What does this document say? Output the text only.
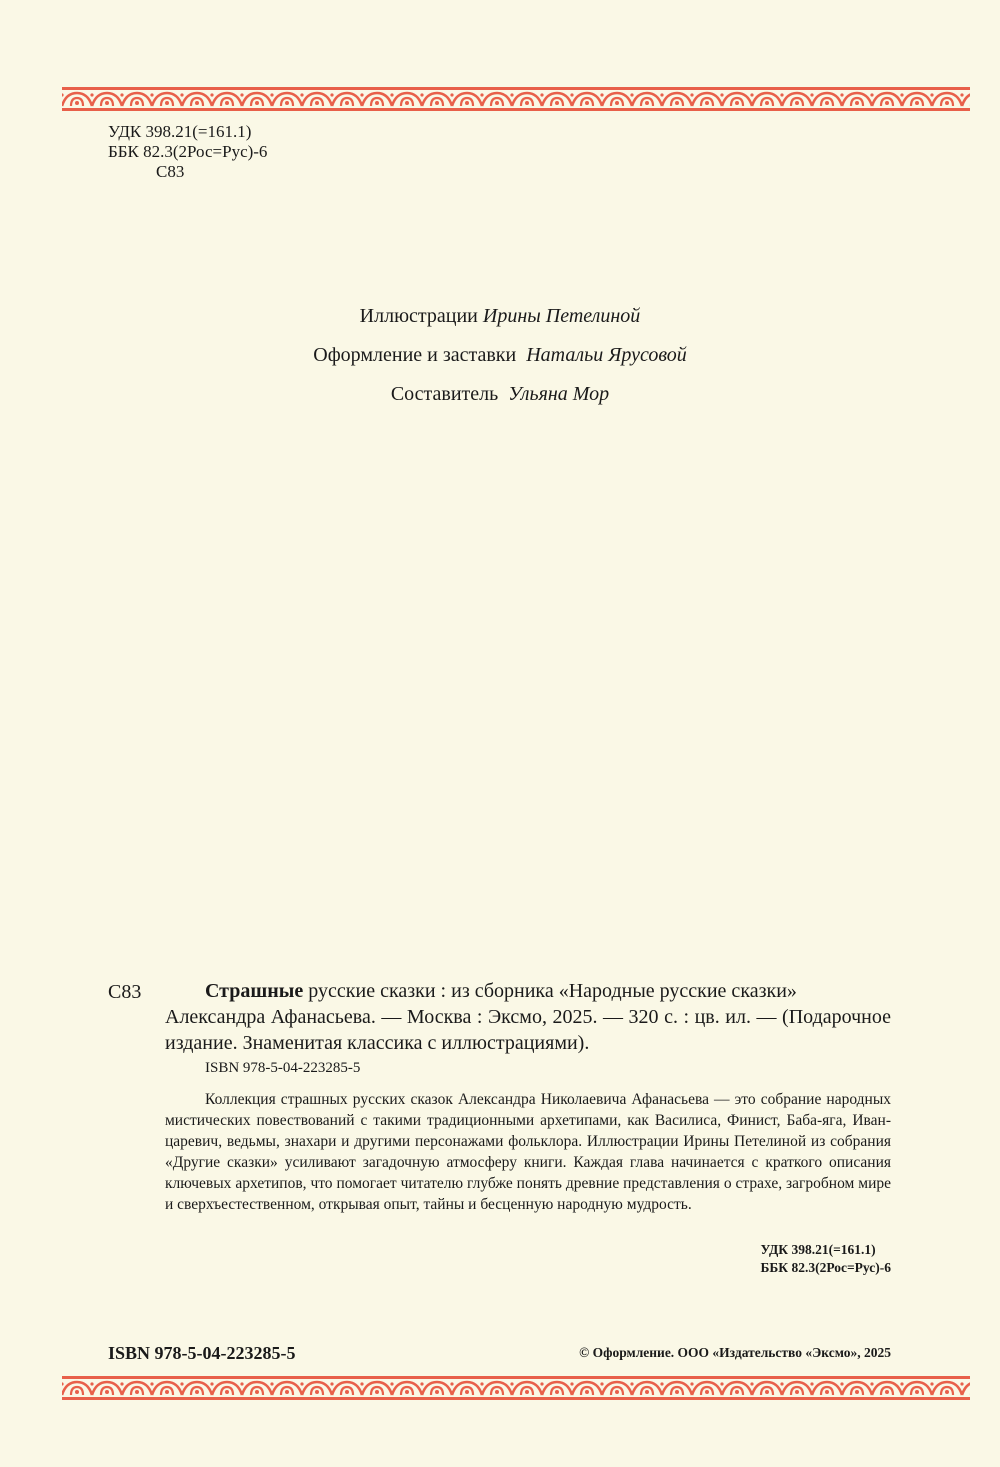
УДК 398.21(=161.1)
ББК 82.3(2Рос=Рус)-6
С83
Иллюстрации Ирины Петелиной
Оформление и заставки Натальи Ярусовой
Составитель Ульяна Мор
С83	Страшные русские сказки : из сборника «Народные русские сказки»
Александра Афанасьева. — Москва : Эксмо, 2025. — 320 с. : цв. ил. — (Подарочное издание. Знаменитая классика с иллюстрациями).
ISBN 978-5-04-223285-5
Коллекция страшных русских сказок Александра Николаевича Афанасьева — это собрание народных мистических повествований с такими традиционными архетипами, как Василиса, Финист, Баба-яга, Иван-царевич, ведьмы, знахари и другими персонажами фольклора. Иллюстрации Ирины Петелиной из собрания «Другие сказки» усиливают загадочную атмосферу книги. Каждая глава начинается с краткого описания ключевых архетипов, что помогает читателю глубже понять древние представления о страхе, загробном мире и сверхъестественном, открывая опыт, тайны и бесценную народную мудрость.
УДК 398.21(=161.1)
ББК 82.3(2Рос=Рус)-6
ISBN 978-5-04-223285-5	© Оформление. ООО «Издательство «Эксмо», 2025
